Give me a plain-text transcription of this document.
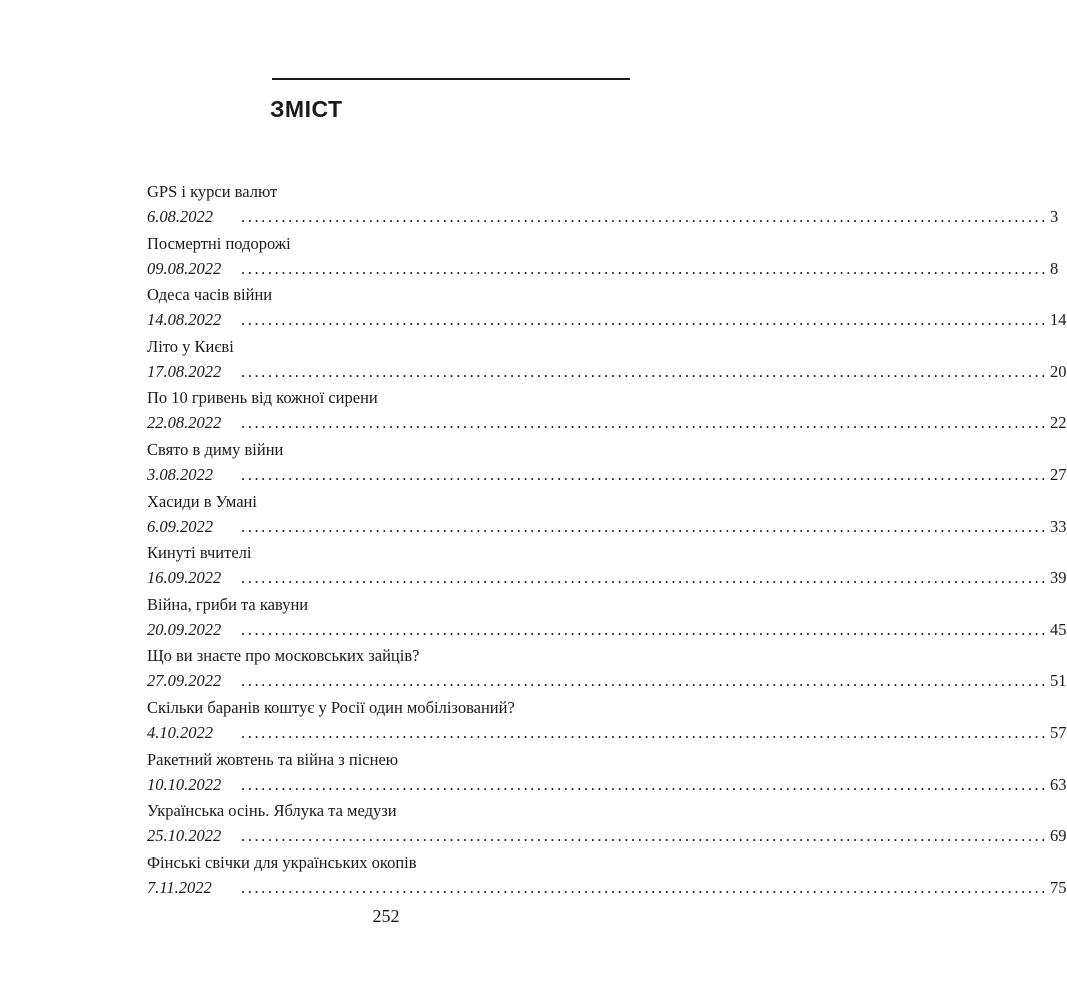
ЗМІСТ
GPS і курси валют
6.08.2022	........................................................................................................................ 3
Посмертні подорожі
09.08.2022	........................................................................................................................ 8
Одеса часів війни
14.08.2022	........................................................................................................................ 14
Літо у Києві
17.08.2022	........................................................................................................................ 20
По 10 гривень від кожної сирени
22.08.2022	........................................................................................................................ 22
Свято в диму війни
3.08.2022	........................................................................................................................ 27
Хасиди в Умані
6.09.2022	........................................................................................................................ 33
Кинуті вчителі
16.09.2022	........................................................................................................................ 39
Війна, гриби та кавуни
20.09.2022	........................................................................................................................ 45
Що ви знаєте про московських зайців?
27.09.2022	........................................................................................................................ 51
Скільки баранів коштує у Росії один мобілізований?
4.10.2022	........................................................................................................................ 57
Ракетний жовтень та війна з піснею
10.10.2022	........................................................................................................................ 63
Українська осінь. Яблука та медузи
25.10.2022	........................................................................................................................ 69
Фінські свічки для українських окопів
7.11.2022	........................................................................................................................ 75
252
